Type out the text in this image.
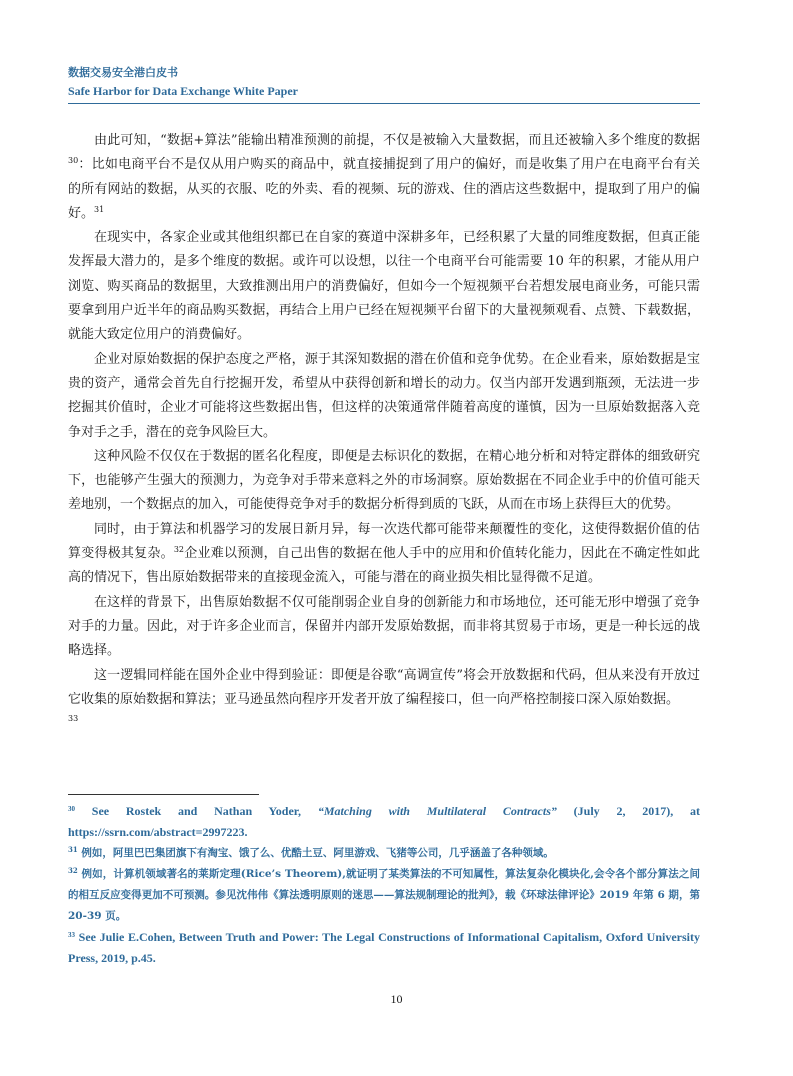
数据交易安全港白皮书
Safe Harbor for Data Exchange White Paper

由此可知，“数据+算法”能输出精准预测的前提，不仅是被输入大量数据，而且还被输入多个维度的数据$^{30}$：比如电商平台不是仅从用户购买的商品中，就直接捕捉到了用户的偏好，而是收集了用户在电商平台有关的所有网站的数据，从买的衣服、吃的外卖、看的视频、玩的游戏、住的酒店这些数据中，提取到了用户的偏好。$^{31}$

在现实中，各家企业或其他组织都已在自家的赛道中深耕多年，已经积累了大量的同维度数据，但真正能发挥最大潜力的，是多个维度的数据。或许可以设想，以往一个电商平台可能需要 10 年的积累，才能从用户浏览、购买商品的数据里，大致推测出用户的消费偏好，但如今一个短视频平台若想发展电商业务，可能只需要拿到用户近半年的商品购买数据，再结合上用户已经在短视频平台留下的大量视频观看、点赞、下载数据，就能大致定位用户的消费偏好。

企业对原始数据的保护态度之严格，源于其深知数据的潜在价值和竞争优势。在企业看来，原始数据是宝贵的资产，通常会首先自行挖掘开发，希望从中获得创新和增长的动力。仅当内部开发遇到瓶颈，无法进一步挖掘其价值时，企业才可能将这些数据出售，但这样的决策通常伴随着高度的谨慎，因为一旦原始数据落入竞争对手之手，潜在的竞争风险巨大。

这种风险不仅仅在于数据的匿名化程度，即便是去标识化的数据，在精心地分析和对特定群体的细致研究下，也能够产生强大的预测力，为竞争对手带来意料之外的市场洞察。原始数据在不同企业手中的价值可能天差地别，一个数据点的加入，可能使得竞争对手的数据分析得到质的飞跃，从而在市场上获得巨大的优势。

同时，由于算法和机器学习的发展日新月异，每一次迭代都可能带来颠覆性的变化，这使得数据价值的估算变得极其复杂。$^{32}$企业难以预测，自己出售的数据在他人手中的应用和价值转化能力，因此在不确定性如此高的情况下，售出原始数据带来的直接现金流入，可能与潜在的商业损失相比显得微不足道。

在这样的背景下，出售原始数据不仅可能削弱企业自身的创新能力和市场地位，还可能无形中增强了竞争对手的力量。因此，对于许多企业而言，保留并内部开发原始数据，而非将其贸易于市场，更是一种长远的战略选择。

这一逻辑同样能在国外企业中得到验证：即便是谷歌“高调宣传”将会开放数据和代码，但从来没有开放过它收集的原始数据和算法；亚马逊虽然向程序开发者开放了编程接口，但一向严格控制接口深入原始数据。

33

$^{30}$ See Rostek and Nathan Yoder, “Matching with Multilateral Contracts” (July 2, 2017), at https://ssrn.com/abstract=2997223.

$^{31}$ 例如，阿里巴巴集团旗下有淘宝、饿了么、优酷土豆、阿里游戏、飞猪等公司，几乎涵盖了各种领域。

$^{32}$ 例如，计算机领域著名的莱斯定理(Rice’s Theorem),就证明了某类算法的不可知属性，算法复杂化模块化,会令各个部分算法之间的相互反应变得更加不可预测。参见沈伟伟《算法透明原则的迷思——算法规制理论的批判》，载《环球法律评论》2019 年第 6 期，第 20-39 页。

$^{33}$ See Julie E.Cohen, Between Truth and Power: The Legal Constructions of Informational Capitalism, Oxford University Press, 2019, p.45.

10
